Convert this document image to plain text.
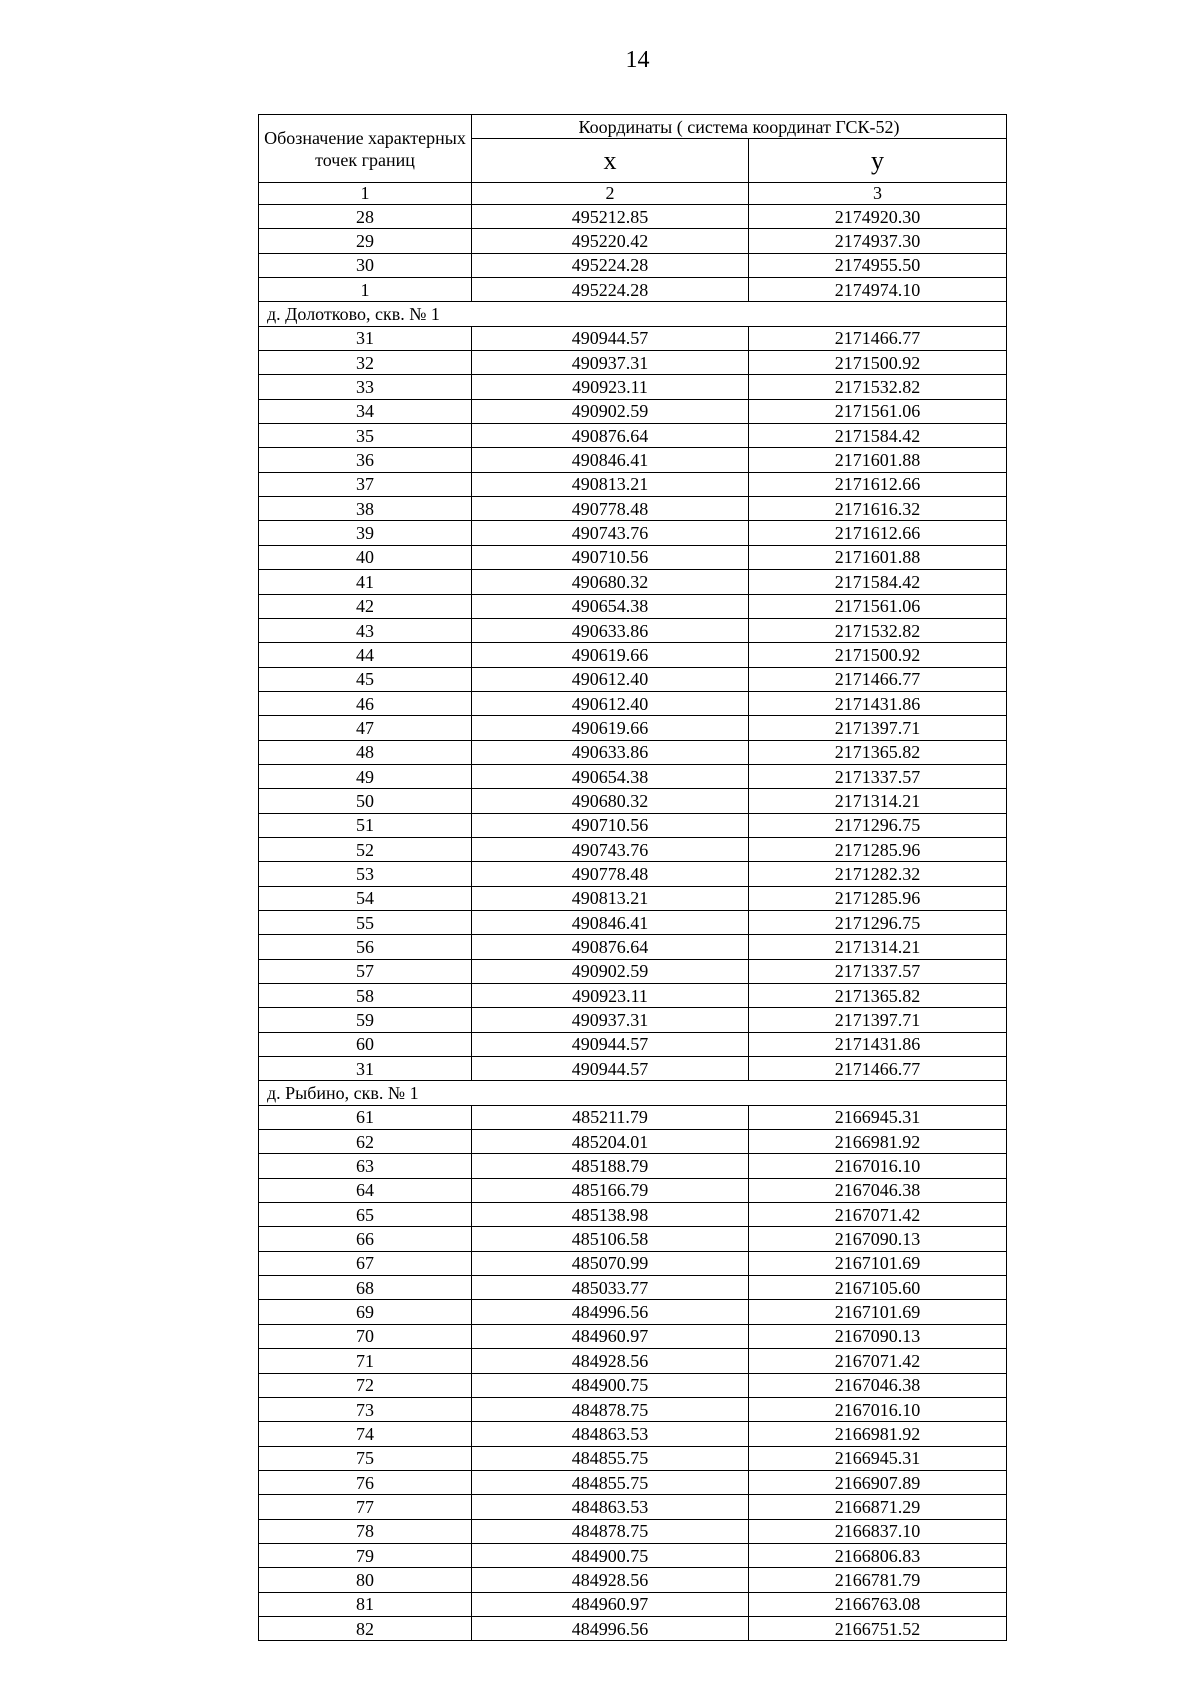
14
Обозначение характерных точек границ	Координаты ( система координат ГСК-52)	
	x	y
1	2	3
28	495212.85	2174920.30
29	495220.42	2174937.30
30	495224.28	2174955.50
1	495224.28	2174974.10
д. Долотково, скв. № 1		
31	490944.57	2171466.77
32	490937.31	2171500.92
33	490923.11	2171532.82
34	490902.59	2171561.06
35	490876.64	2171584.42
36	490846.41	2171601.88
37	490813.21	2171612.66
38	490778.48	2171616.32
39	490743.76	2171612.66
40	490710.56	2171601.88
41	490680.32	2171584.42
42	490654.38	2171561.06
43	490633.86	2171532.82
44	490619.66	2171500.92
45	490612.40	2171466.77
46	490612.40	2171431.86
47	490619.66	2171397.71
48	490633.86	2171365.82
49	490654.38	2171337.57
50	490680.32	2171314.21
51	490710.56	2171296.75
52	490743.76	2171285.96
53	490778.48	2171282.32
54	490813.21	2171285.96
55	490846.41	2171296.75
56	490876.64	2171314.21
57	490902.59	2171337.57
58	490923.11	2171365.82
59	490937.31	2171397.71
60	490944.57	2171431.86
31	490944.57	2171466.77
д. Рыбино, скв. № 1		
61	485211.79	2166945.31
62	485204.01	2166981.92
63	485188.79	2167016.10
64	485166.79	2167046.38
65	485138.98	2167071.42
66	485106.58	2167090.13
67	485070.99	2167101.69
68	485033.77	2167105.60
69	484996.56	2167101.69
70	484960.97	2167090.13
71	484928.56	2167071.42
72	484900.75	2167046.38
73	484878.75	2167016.10
74	484863.53	2166981.92
75	484855.75	2166945.31
76	484855.75	2166907.89
77	484863.53	2166871.29
78	484878.75	2166837.10
79	484900.75	2166806.83
80	484928.56	2166781.79
81	484960.97	2166763.08
82	484996.56	2166751.52
